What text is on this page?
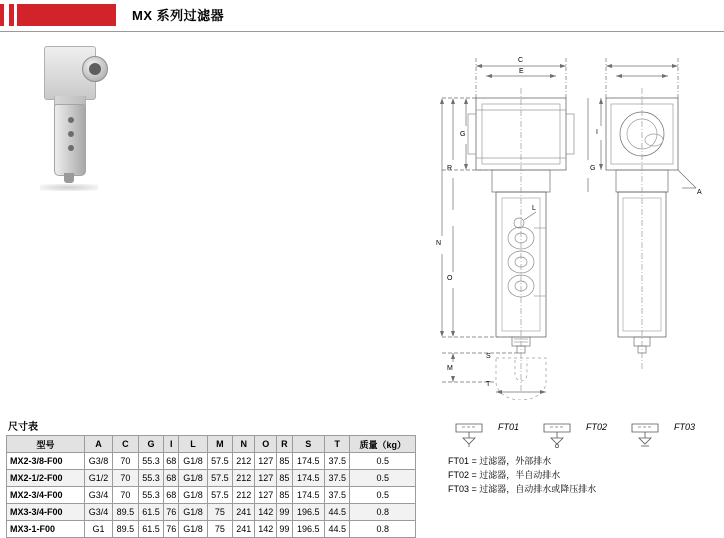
MX 系列过滤器
C
E
G
R
N
O
M
L
S
T
I
G
A
尺寸表
型号	A	C	G	I	L	M	N	O	R	S	T	质量（kg）
MX2-3/8-F00	G3/8	70	55.3	68	G1/8	57.5	212	127	85	174.5	37.5	0.5
MX2-1/2-F00	G1/2	70	55.3	68	G1/8	57.5	212	127	85	174.5	37.5	0.5
MX2-3/4-F00	G3/4	70	55.3	68	G1/8	57.5	212	127	85	174.5	37.5	0.5
MX3-3/4-F00	G3/4	89.5	61.5	76	G1/8	75	241	142	99	196.5	44.5	0.8
MX3-1-F00	G1	89.5	61.5	76	G1/8	75	241	142	99	196.5	44.5	0.8
FT01	FT02	FT03
FT01 = 过滤器，外部排水
FT02 = 过滤器，半自动排水
FT03 = 过滤器，自动排水或降压排水
